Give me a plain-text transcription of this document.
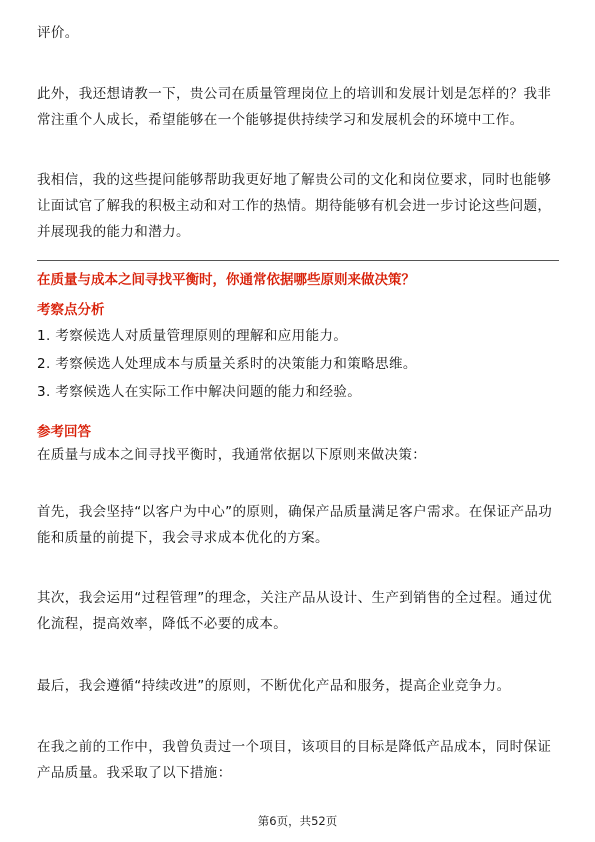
评价。

此外，我还想请教一下，贵公司在质量管理岗位上的培训和发展计划是怎样的？我非常注重个人成长，希望能够在一个能够提供持续学习和发展机会的环境中工作。

我相信，我的这些提问能够帮助我更好地了解贵公司的文化和岗位要求，同时也能够让面试官了解我的积极主动和对工作的热情。期待能够有机会进一步讨论这些问题，并展现我的能力和潜力。

在质量与成本之间寻找平衡时，你通常依据哪些原则来做决策？

考察点分析

1. 考察候选人对质量管理原则的理解和应用能力。

2. 考察候选人处理成本与质量关系时的决策能力和策略思维。

3. 考察候选人在实际工作中解决问题的能力和经验。

参考回答

在质量与成本之间寻找平衡时，我通常依据以下原则来做决策：

首先，我会坚持“以客户为中心”的原则，确保产品质量满足客户需求。在保证产品功能和质量的前提下，我会寻求成本优化的方案。

其次，我会运用“过程管理”的理念，关注产品从设计、生产到销售的全过程。通过优化流程，提高效率，降低不必要的成本。

最后，我会遵循“持续改进”的原则，不断优化产品和服务，提高企业竞争力。

在我之前的工作中，我曾负责过一个项目，该项目的目标是降低产品成本，同时保证产品质量。我采取了以下措施：

第6页，共52页
